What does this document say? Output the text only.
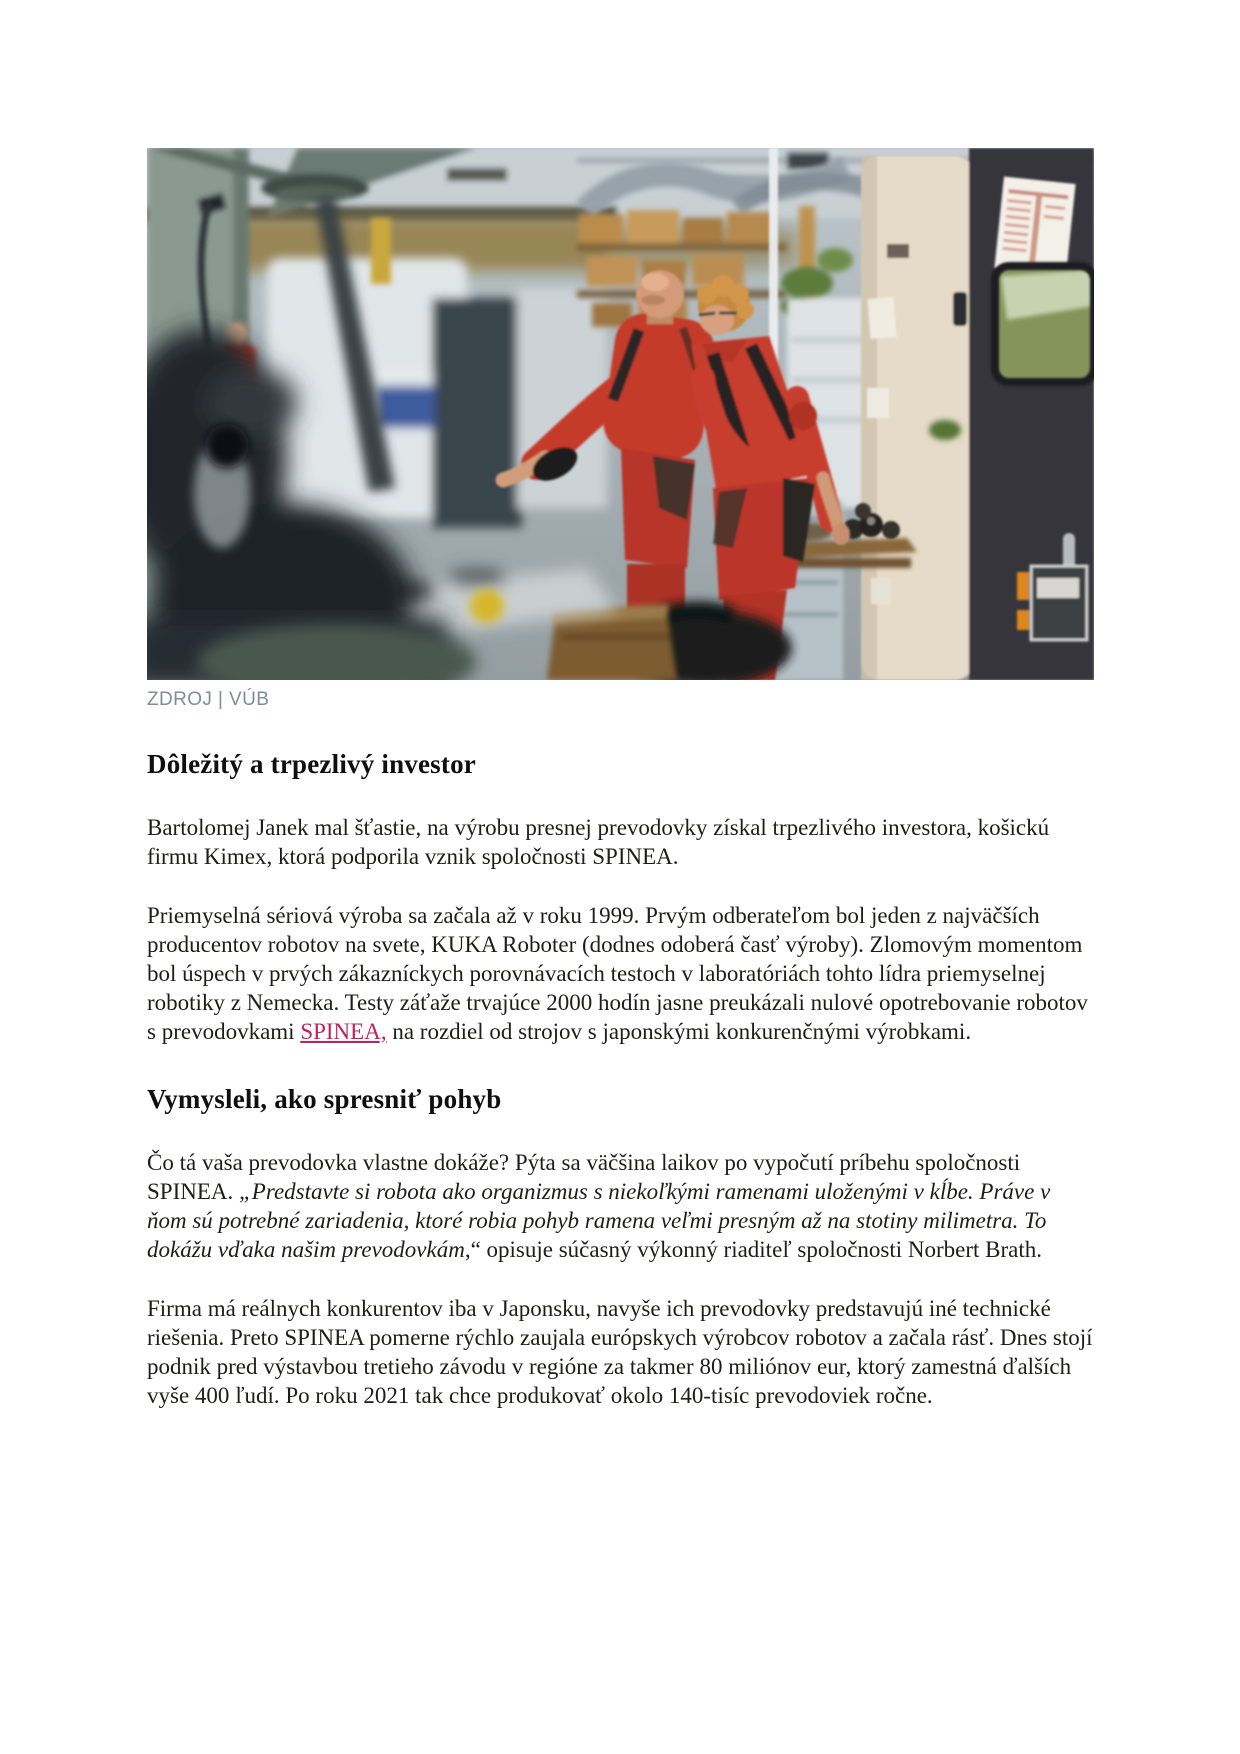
ZDROJ | VÚB
Dôležitý a trpezlivý investor

Bartolomej Janek mal šťastie, na výrobu presnej prevodovky získal trpezlivého investora, košickú firmu Kimex, ktorá podporila vznik spoločnosti SPINEA.

Priemyselná sériová výroba sa začala až v roku 1999. Prvým odberateľom bol jeden z najväčších producentov robotov na svete, KUKA Roboter (dodnes odoberá časť výroby). Zlomovým momentom bol úspech v prvých zákazníckych porovnávacích testoch v laboratóriách tohto lídra priemyselnej robotiky z Nemecka. Testy záťaže trvajúce 2000 hodín jasne preukázali nulové opotrebovanie robotov s prevodovkami SPINEA, na rozdiel od strojov s japonskými konkurenčnými výrobkami.

Vymysleli, ako spresniť pohyb

Čo tá vaša prevodovka vlastne dokáže? Pýta sa väčšina laikov po vypočutí príbehu spoločnosti SPINEA. „Predstavte si robota ako organizmus s niekoľkými ramenami uloženými v kĺbe. Práve v ňom sú potrebné zariadenia, ktoré robia pohyb ramena veľmi presným až na stotiny milimetra. To dokážu vďaka našim prevodovkám,“ opisuje súčasný výkonný riaditeľ spoločnosti Norbert Brath.

Firma má reálnych konkurentov iba v Japonsku, navyše ich prevodovky predstavujú iné technické riešenia. Preto SPINEA pomerne rýchlo zaujala európskych výrobcov robotov a začala rásť. Dnes stojí podnik pred výstavbou tretieho závodu v regióne za takmer 80 miliónov eur, ktorý zamestná ďalších vyše 400 ľudí. Po roku 2021 tak chce produkovať okolo 140-tisíc prevodoviek ročne.
